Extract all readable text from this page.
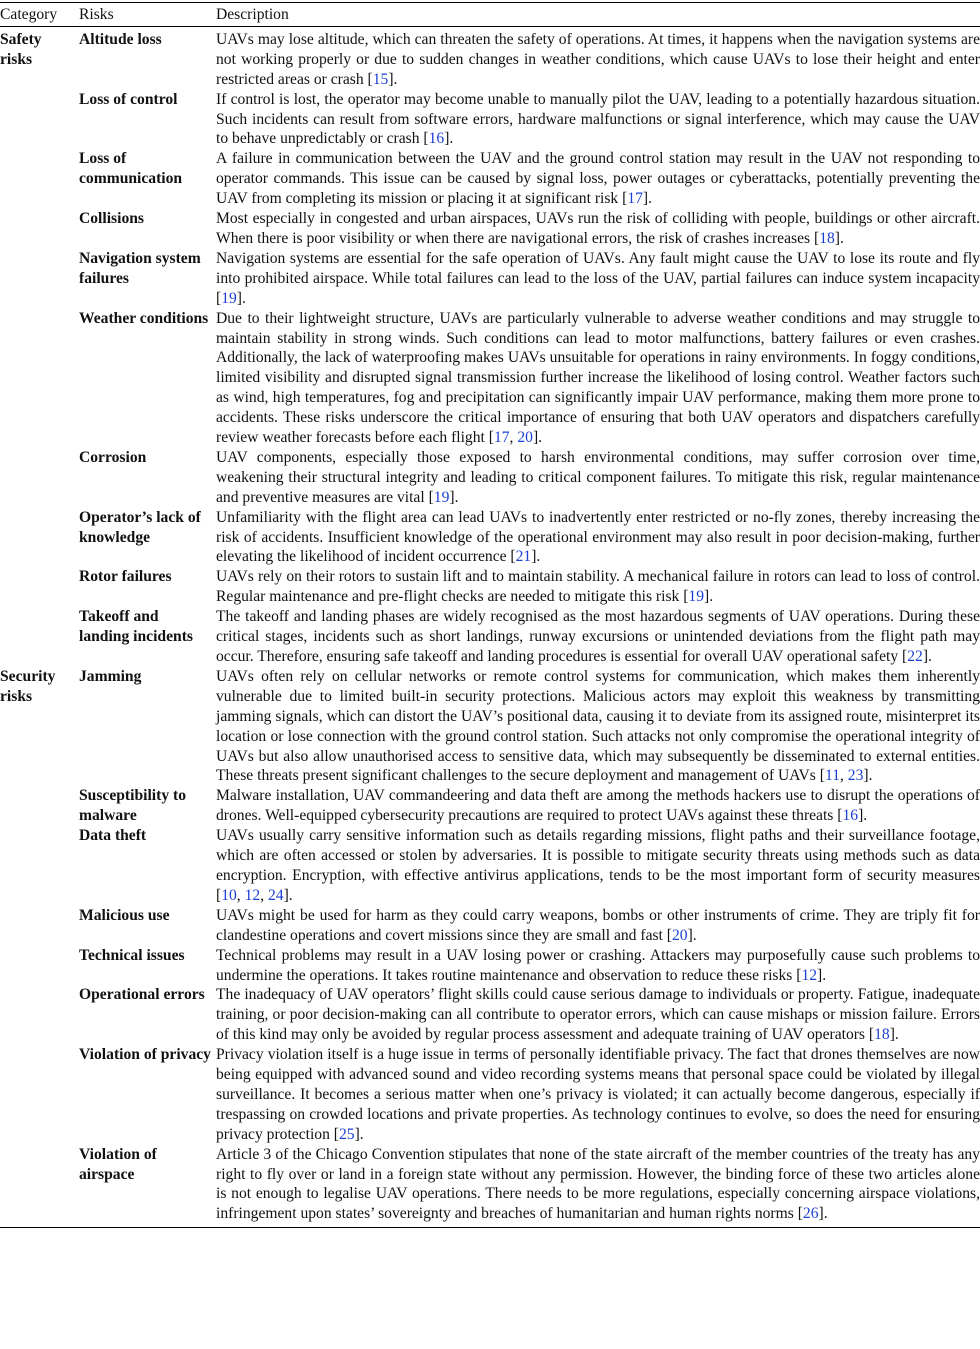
Category	Risks	Description
Safety risks	Altitude loss	UAVs may lose altitude, which can threaten the safety of operations. At times, it happens when the navigation systems are not working properly or due to sudden changes in weather conditions, which cause UAVs to lose their height and enter restricted areas or crash [15].
	Loss of control	If control is lost, the operator may become unable to manually pilot the UAV, leading to a potentially hazardous situation. Such incidents can result from software errors, hardware malfunctions or signal interference, which may cause the UAV to behave unpredictably or crash [16].
	Loss of communication	A failure in communication between the UAV and the ground control station may result in the UAV not responding to operator commands. This issue can be caused by signal loss, power outages or cyberattacks, potentially preventing the UAV from completing its mission or placing it at significant risk [17].
	Collisions	Most especially in congested and urban airspaces, UAVs run the risk of colliding with people, buildings or other aircraft. When there is poor visibility or when there are navigational errors, the risk of crashes increases [18].
	Navigation system failures	Navigation systems are essential for the safe operation of UAVs. Any fault might cause the UAV to lose its route and fly into prohibited airspace. While total failures can lead to the loss of the UAV, partial failures can induce system incapacity [19].
	Weather conditions	Due to their lightweight structure, UAVs are particularly vulnerable to adverse weather conditions and may struggle to maintain stability in strong winds. Such conditions can lead to motor malfunctions, battery failures or even crashes. Additionally, the lack of waterproofing makes UAVs unsuitable for operations in rainy environments. In foggy conditions, limited visibility and disrupted signal transmission further increase the likelihood of losing control. Weather factors such as wind, high temperatures, fog and precipitation can significantly impair UAV performance, making them more prone to accidents. These risks underscore the critical importance of ensuring that both UAV operators and dispatchers carefully review weather forecasts before each flight [17, 20].
	Corrosion	UAV components, especially those exposed to harsh environmental conditions, may suffer corrosion over time, weakening their structural integrity and leading to critical component failures. To mitigate this risk, regular maintenance and preventive measures are vital [19].
	Operator’s lack of knowledge	Unfamiliarity with the flight area can lead UAVs to inadvertently enter restricted or no-fly zones, thereby increasing the risk of accidents. Insufficient knowledge of the operational environment may also result in poor decision-making, further elevating the likelihood of incident occurrence [21].
	Rotor failures	UAVs rely on their rotors to sustain lift and to maintain stability. A mechanical failure in rotors can lead to loss of control. Regular maintenance and pre-flight checks are needed to mitigate this risk [19].
	Takeoff and landing incidents	The takeoff and landing phases are widely recognised as the most hazardous segments of UAV operations. During these critical stages, incidents such as short landings, runway excursions or unintended deviations from the flight path may occur. Therefore, ensuring safe takeoff and landing procedures is essential for overall UAV operational safety [22].
Security risks	Jamming	UAVs often rely on cellular networks or remote control systems for communication, which makes them inherently vulnerable due to limited built-in security protections. Malicious actors may exploit this weakness by transmitting jamming signals, which can distort the UAV’s positional data, causing it to deviate from its assigned route, misinterpret its location or lose connection with the ground control station. Such attacks not only compromise the operational integrity of UAVs but also allow unauthorised access to sensitive data, which may subsequently be disseminated to external entities. These threats present significant challenges to the secure deployment and management of UAVs [11, 23].
	Susceptibility to malware	Malware installation, UAV commandeering and data theft are among the methods hackers use to disrupt the operations of drones. Well-equipped cybersecurity precautions are required to protect UAVs against these threats [16].
	Data theft	UAVs usually carry sensitive information such as details regarding missions, flight paths and their surveillance footage, which are often accessed or stolen by adversaries. It is possible to mitigate security threats using methods such as data encryption. Encryption, with effective antivirus applications, tends to be the most important form of security measures [10, 12, 24].
	Malicious use	UAVs might be used for harm as they could carry weapons, bombs or other instruments of crime. They are triply fit for clandestine operations and covert missions since they are small and fast [20].
	Technical issues	Technical problems may result in a UAV losing power or crashing. Attackers may purposefully cause such problems to undermine the operations. It takes routine maintenance and observation to reduce these risks [12].
	Operational errors	The inadequacy of UAV operators’ flight skills could cause serious damage to individuals or property. Fatigue, inadequate training, or poor decision-making can all contribute to operator errors, which can cause mishaps or mission failure. Errors of this kind may only be avoided by regular process assessment and adequate training of UAV operators [18].
	Violation of privacy	Privacy violation itself is a huge issue in terms of personally identifiable privacy. The fact that drones themselves are now being equipped with advanced sound and video recording systems means that personal space could be violated by illegal surveillance. It becomes a serious matter when one’s privacy is violated; it can actually become dangerous, especially if trespassing on crowded locations and private properties. As technology continues to evolve, so does the need for ensuring privacy protection [25].
	Violation of airspace	Article 3 of the Chicago Convention stipulates that none of the state aircraft of the member countries of the treaty has any right to fly over or land in a foreign state without any permission. However, the binding force of these two articles alone is not enough to legalise UAV operations. There needs to be more regulations, especially concerning airspace violations, infringement upon states’ sovereignty and breaches of humanitarian and human rights norms [26].
